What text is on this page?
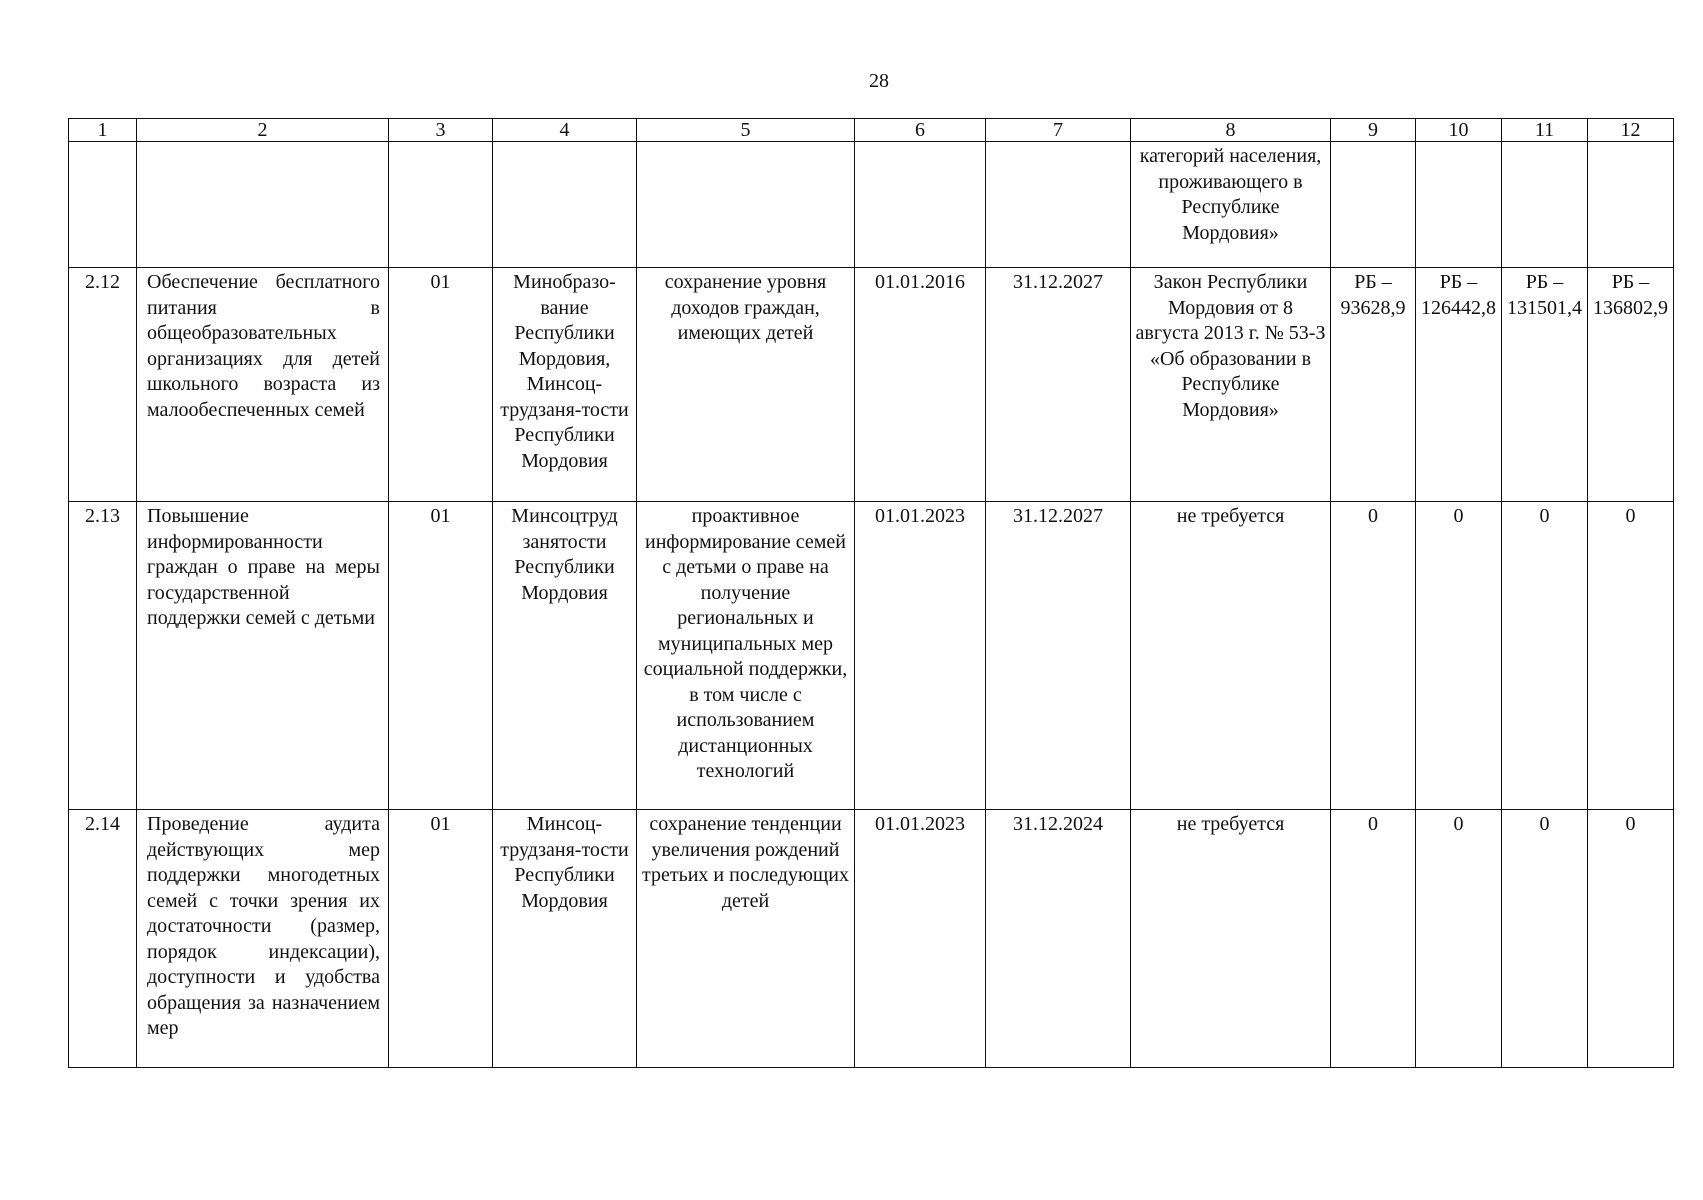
28
1	2	3	4	5	6	7	8	9	10	11	12
							категорий населения, проживающего в Республике Мордовия»				
2.12	Обеспечение бесплатного питания в общеобразовательных организациях для детей школьного возраста из малообеспеченных семей	01	Минобразо-вание Республики Мордовия, Минсоц-трудзаня-тости Республики Мордовия	сохранение уровня доходов граждан, имеющих детей	01.01.2016	31.12.2027	Закон Республики Мордовия от 8 августа 2013 г. № 53-З «Об образовании в Республике Мордовия»	РБ – 93628,9	РБ – 126442,8	РБ – 131501,4	РБ – 136802,9
2.13	Повышение информированности граждан о праве на меры государственной поддержки семей с детьми	01	Минсоцтруд занятости Республики Мордовия	проактивное информирование семей с детьми о праве на получение региональных и муниципальных мер социальной поддержки, в том числе с использованием дистанционных технологий	01.01.2023	31.12.2027	не требуется	0	0	0	0
2.14	Проведение аудита действующих мер поддержки многодетных семей с точки зрения их достаточности (размер, порядок индексации), доступности и удобства обращения за назначением мер	01	Минсоц-трудзаня-тости Республики Мордовия	сохранение тенденции увеличения рождений третьих и последующих детей	01.01.2023	31.12.2024	не требуется	0	0	0	0
